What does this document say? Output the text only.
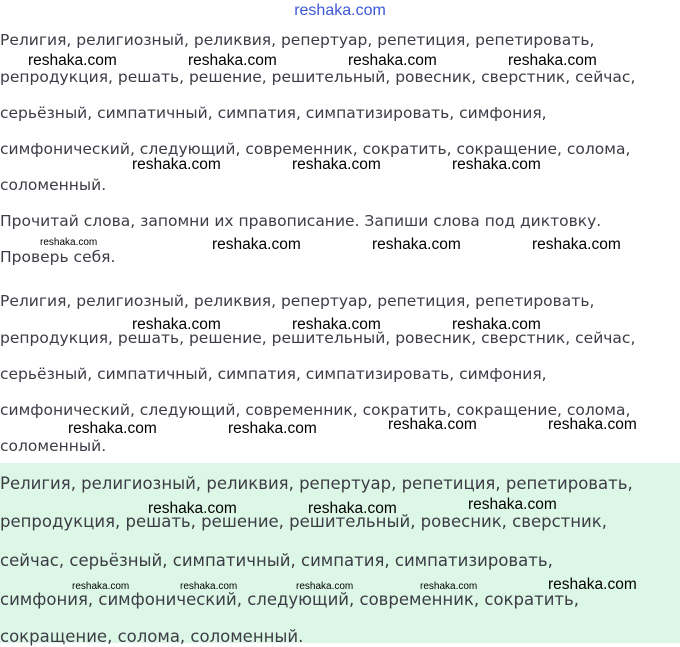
reshaka.com
Религия, религиозный, реликвия, репертуар, репетиция, репетировать,
репродукция, решать, решение, решительный, ровесник, сверстник, сейчас,
серьёзный, симпатичный, симпатия, симпатизировать, симфония,
симфонический, следующий, современник, сократить, сокращение, солома,
соломенный.
Прочитай слова, запомни их правописание. Запиши слова под диктовку.
Проверь себя.
Религия, религиозный, реликвия, репертуар, репетиция, репетировать,
репродукция, решать, решение, решительный, ровесник, сверстник, сейчас,
серьёзный, симпатичный, симпатия, симпатизировать, симфония,
симфонический, следующий, современник, сократить, сокращение, солома,
соломенный.
Религия, религиозный, реликвия, репертуар, репетиция, репетировать,
репродукция, решать, решение, решительный, ровесник, сверстник,
сейчас, серьёзный, симпатичный, симпатия, симпатизировать,
симфония, симфонический, следующий, современник, сократить,
сокращение, солома, соломенный.
reshaka.com	reshaka.com	reshaka.com	reshaka.com
reshaka.com	reshaka.com	reshaka.com
reshaka.com	reshaka.com	reshaka.com	reshaka.com
reshaka.com	reshaka.com	reshaka.com
reshaka.com	reshaka.com	reshaka.com	reshaka.com
reshaka.com	reshaka.com	reshaka.com
reshaka.com	reshaka.com	reshaka.com	reshaka.com	reshaka.com
